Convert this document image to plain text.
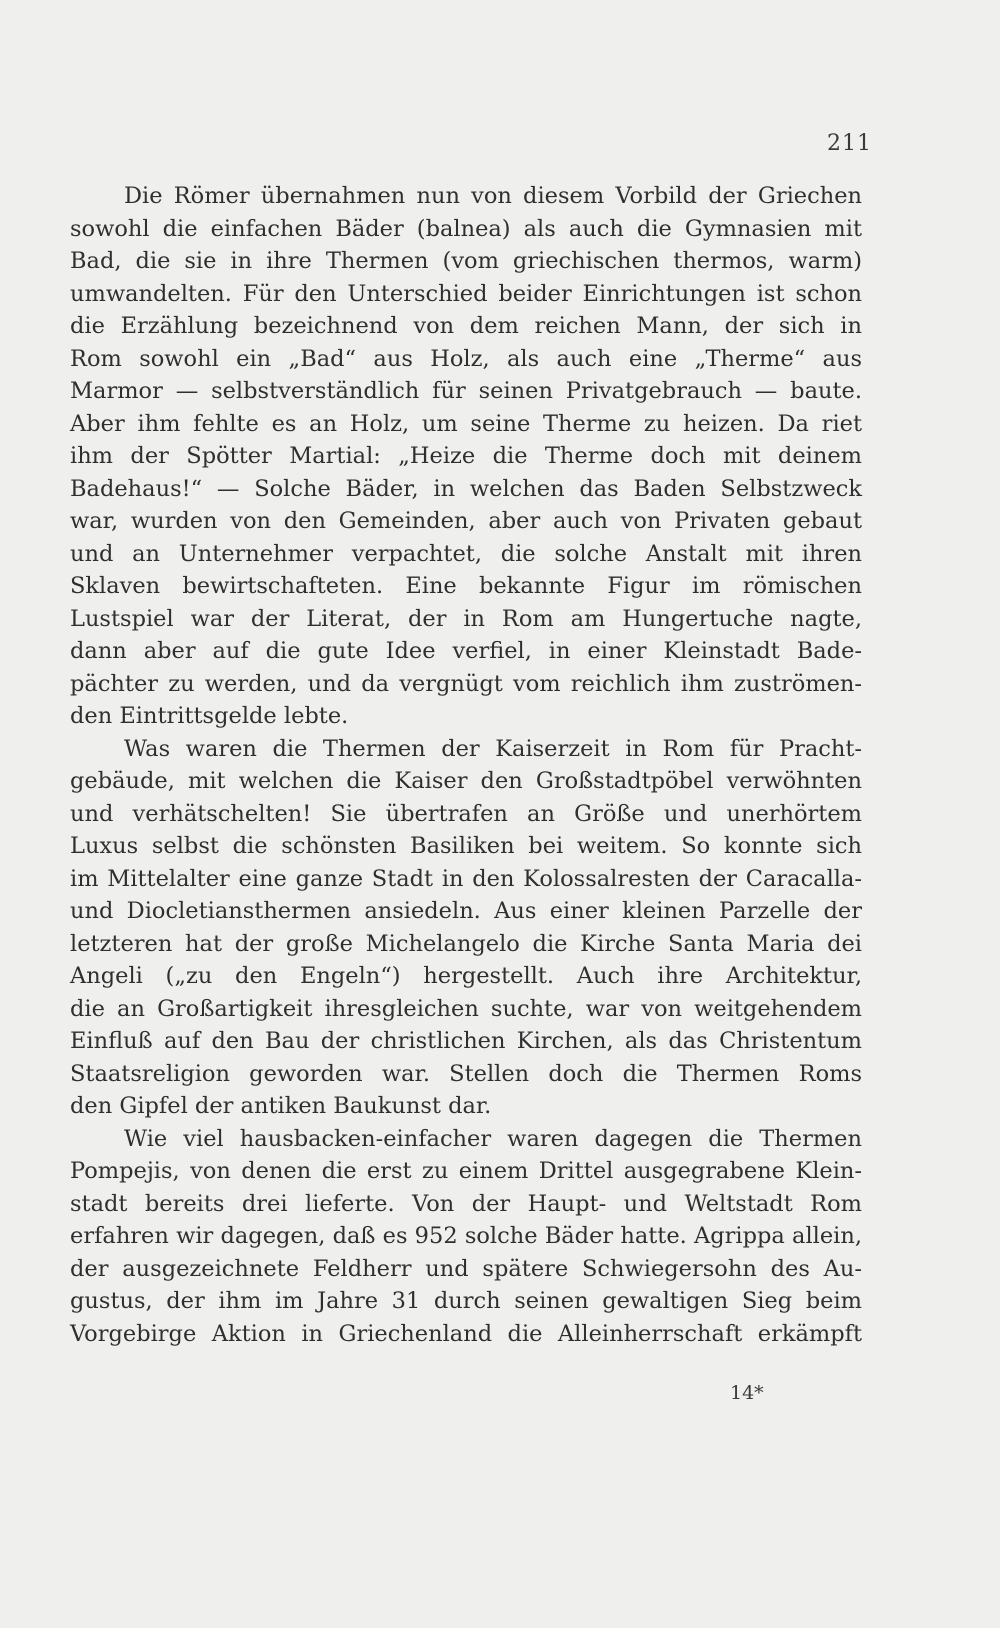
211
Die Römer übernahmen nun von diesem Vorbild der Griechen
sowohl die einfachen Bäder (balnea) als auch die Gymnasien mit
Bad, die sie in ihre Thermen (vom griechischen thermos, warm)
umwandelten. Für den Unterschied beider Einrichtungen ist schon
die Erzählung bezeichnend von dem reichen Mann, der sich in
Rom sowohl ein „Bad“ aus Holz, als auch eine „Therme“ aus
Marmor — selbstverständlich für seinen Privatgebrauch — baute.
Aber ihm fehlte es an Holz, um seine Therme zu heizen. Da riet
ihm der Spötter Martial: „Heize die Therme doch mit deinem
Badehaus!“ — Solche Bäder, in welchen das Baden Selbstzweck
war, wurden von den Gemeinden, aber auch von Privaten gebaut
und an Unternehmer verpachtet, die solche Anstalt mit ihren
Sklaven bewirtschafteten. Eine bekannte Figur im römischen
Lustspiel war der Literat, der in Rom am Hungertuche nagte,
dann aber auf die gute Idee verfiel, in einer Kleinstadt Bade-
pächter zu werden, und da vergnügt vom reichlich ihm zuströmen-
den Eintrittsgelde lebte.
Was waren die Thermen der Kaiserzeit in Rom für Pracht-
gebäude, mit welchen die Kaiser den Großstadtpöbel verwöhnten
und verhätschelten! Sie übertrafen an Größe und unerhörtem
Luxus selbst die schönsten Basiliken bei weitem. So konnte sich
im Mittelalter eine ganze Stadt in den Kolossalresten der Caracalla-
und Diocletiansthermen ansiedeln. Aus einer kleinen Parzelle der
letzteren hat der große Michelangelo die Kirche Santa Maria dei
Angeli („zu den Engeln“) hergestellt. Auch ihre Architektur,
die an Großartigkeit ihresgleichen suchte, war von weitgehendem
Einfluß auf den Bau der christlichen Kirchen, als das Christentum
Staatsreligion geworden war. Stellen doch die Thermen Roms
den Gipfel der antiken Baukunst dar.
Wie viel hausbacken-einfacher waren dagegen die Thermen
Pompejis, von denen die erst zu einem Drittel ausgegrabene Klein-
stadt bereits drei lieferte. Von der Haupt- und Weltstadt Rom
erfahren wir dagegen, daß es 952 solche Bäder hatte. Agrippa allein,
der ausgezeichnete Feldherr und spätere Schwiegersohn des Au-
gustus, der ihm im Jahre 31 durch seinen gewaltigen Sieg beim
Vorgebirge Aktion in Griechenland die Alleinherrschaft erkämpft
14*
